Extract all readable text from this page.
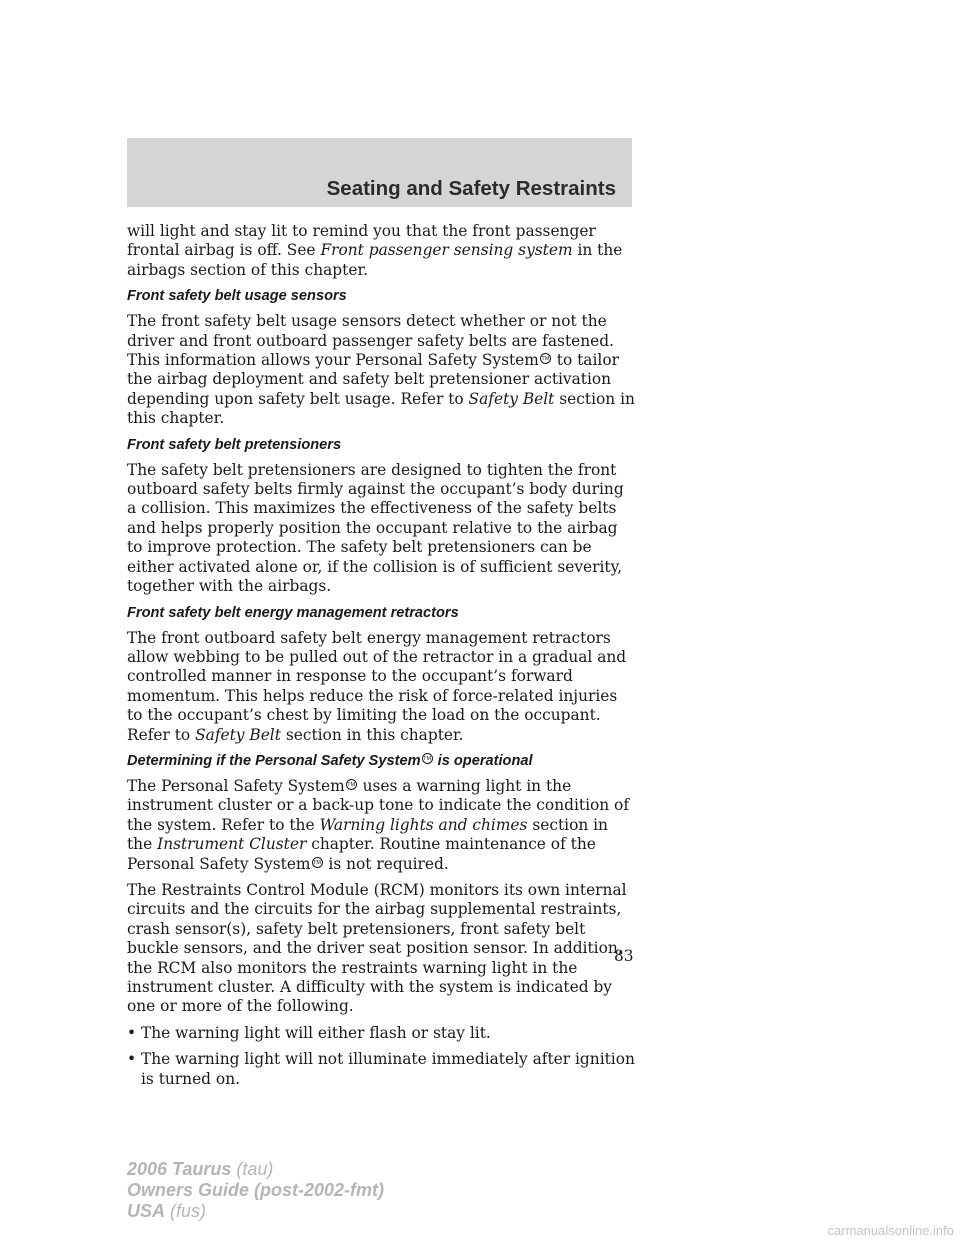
Seating and Safety Restraints

will light and stay lit to remind you that the front passenger frontal airbag is off. See Front passenger sensing system in the airbags section of this chapter.

Front safety belt usage sensors

The front safety belt usage sensors detect whether or not the driver and front outboard passenger safety belts are fastened. This information allows your Personal Safety System TM to tailor the airbag deployment and safety belt pretensioner activation depending upon safety belt usage. Refer to Safety Belt section in this chapter.

Front safety belt pretensioners

The safety belt pretensioners are designed to tighten the front outboard safety belts firmly against the occupant’s body during a collision. This maximizes the effectiveness of the safety belts and helps properly position the occupant relative to the airbag to improve protection. The safety belt pretensioners can be either activated alone or, if the collision is of sufficient severity, together with the airbags.

Front safety belt energy management retractors

The front outboard safety belt energy management retractors allow webbing to be pulled out of the retractor in a gradual and controlled manner in response to the occupant’s forward momentum. This helps reduce the risk of force-related injuries to the occupant’s chest by limiting the load on the occupant. Refer to Safety Belt section in this chapter.

Determining if the Personal Safety System TM is operational

The Personal Safety System TM uses a warning light in the instrument cluster or a back-up tone to indicate the condition of the system. Refer to the Warning lights and chimes section in the Instrument Cluster chapter. Routine maintenance of the Personal Safety System TM is not required.

The Restraints Control Module (RCM) monitors its own internal circuits and the circuits for the airbag supplemental restraints, crash sensor(s), safety belt pretensioners, front safety belt buckle sensors, and the driver seat position sensor. In addition, the RCM also monitors the restraints warning light in the instrument cluster. A difficulty with the system is indicated by one or more of the following.

• The warning light will either flash or stay lit.
• The warning light will not illuminate immediately after ignition is turned on.
83
2006 Taurus (tau)
Owners Guide (post-2002-fmt)
USA (fus)
carmanualsonline.info
